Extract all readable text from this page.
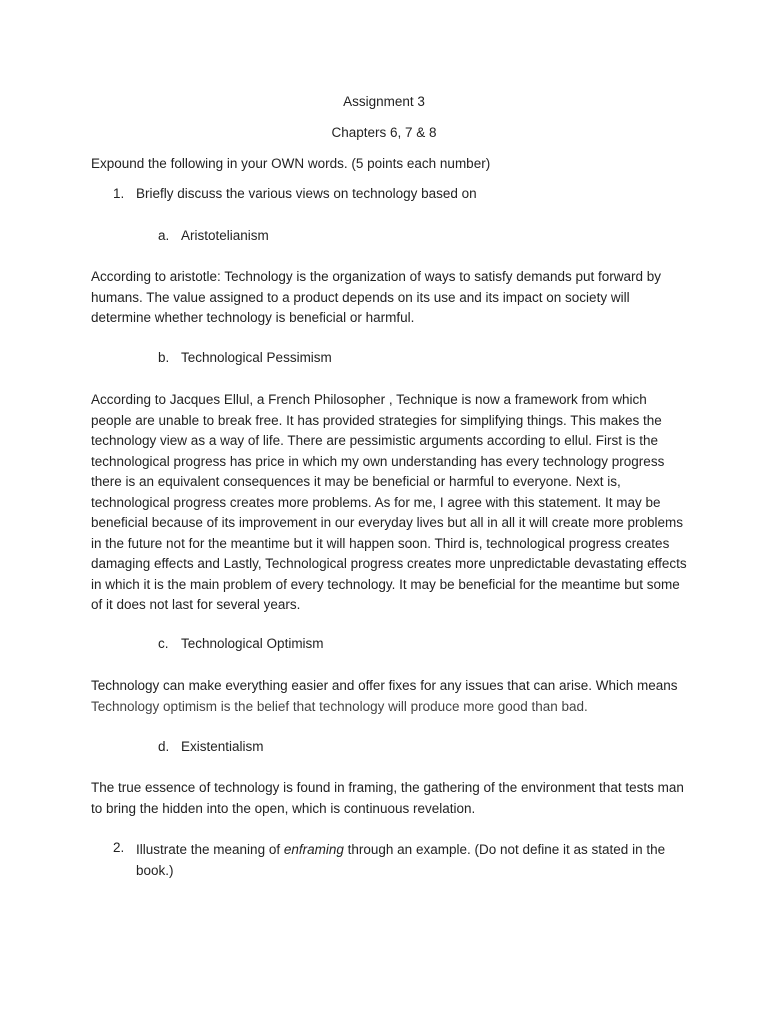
Assignment 3
Chapters 6, 7 & 8
Expound the following in your OWN words. (5 points each number)
1. Briefly discuss the various views on technology based on
a. Aristotelianism

According to aristotle: Technology is the organization of ways to satisfy demands put forward by humans. The value assigned to a product depends on its use and its impact on society will determine whether technology is beneficial or harmful.

b. Technological Pessimism

According to Jacques Ellul, a French Philosopher , Technique is now a framework from which people are unable to break free. It has provided strategies for simplifying things. This makes the technology view as a way of life. There are pessimistic arguments according to ellul. First is the technological progress has price in which my own understanding has every technology progress there is an equivalent consequences it may be beneficial or harmful to everyone. Next is, technological progress creates more problems. As for me, I agree with this statement. It may be beneficial because of its improvement in our everyday lives but all in all it will create more problems in the future not for the meantime but it will happen soon. Third is, technological progress creates damaging effects and Lastly, Technological progress creates more unpredictable devastating effects in which it is the main problem of every technology. It may be beneficial for the meantime but some of it does not last for several years.

c. Technological Optimism

Technology can make everything easier and offer fixes for any issues that can arise. Which means Technology optimism is the belief that technology will produce more good than bad.

d. Existentialism

The true essence of technology is found in framing, the gathering of the environment that tests man to bring the hidden into the open, which is continuous revelation.

2. Illustrate the meaning of enframing through an example. (Do not define it as stated in the book.)
